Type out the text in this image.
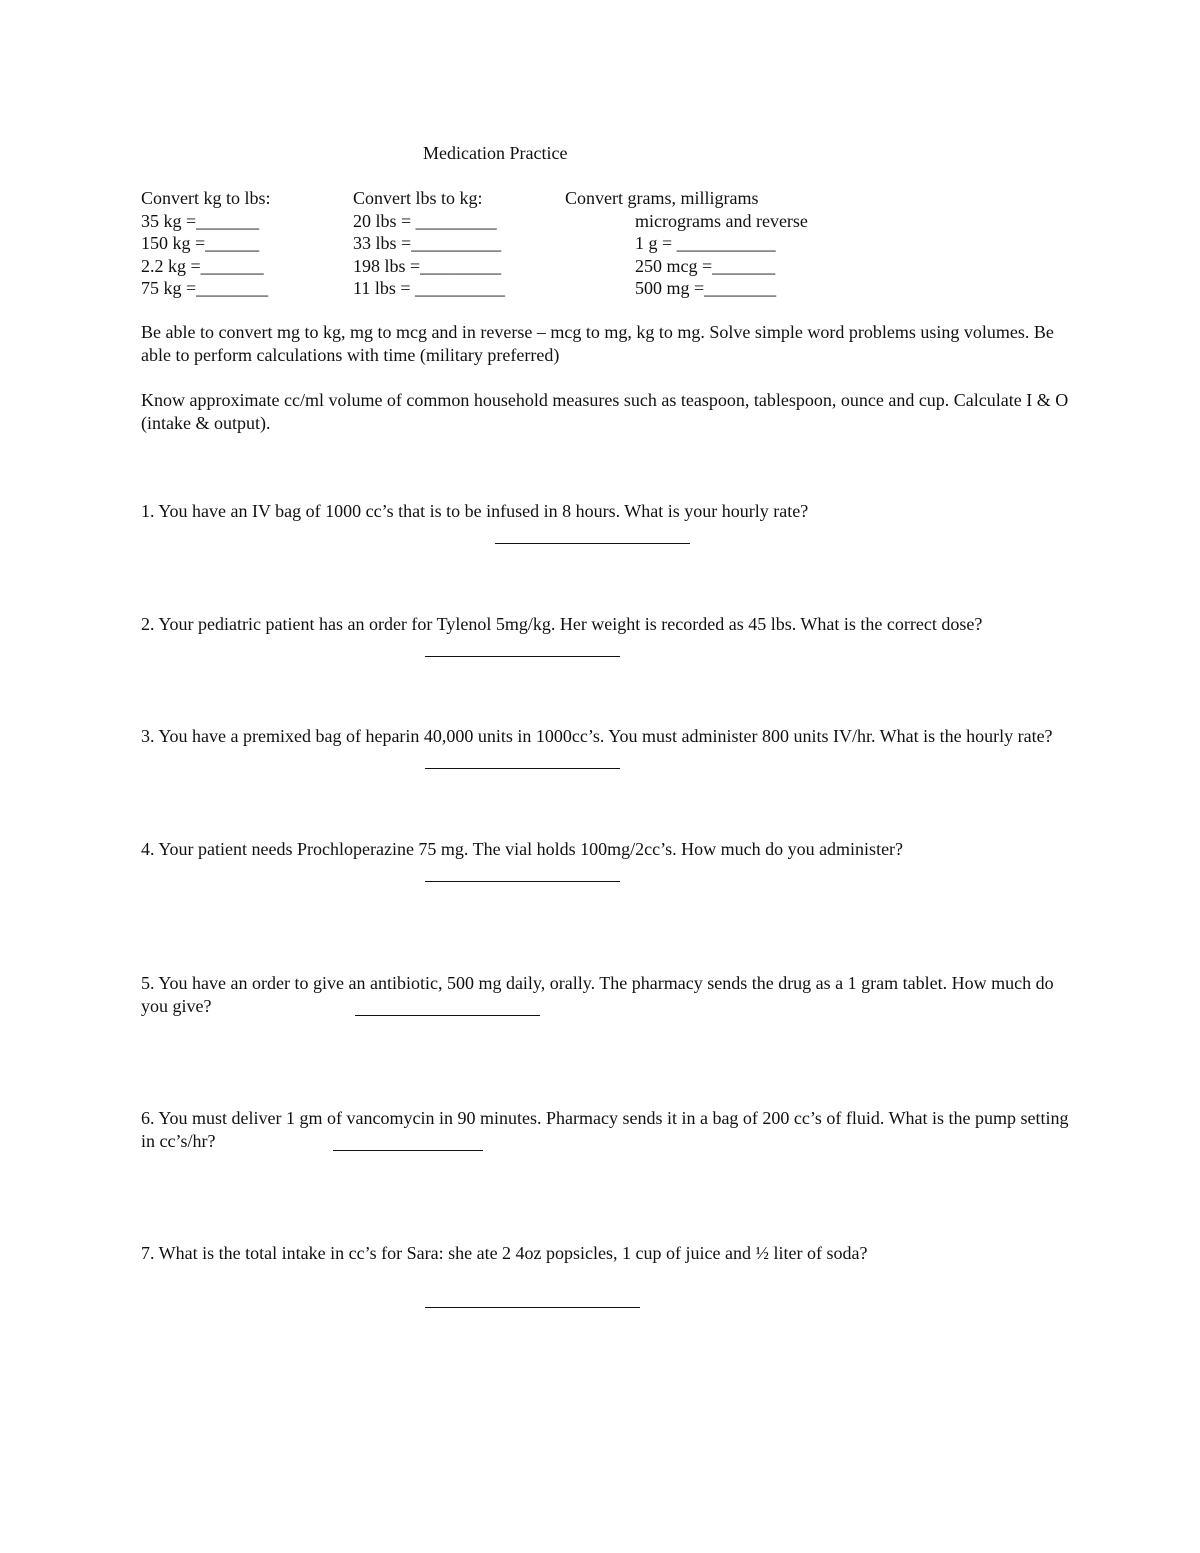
Medication Practice
Convert kg to lbs:
35 kg =_______
150 kg =______
2.2 kg =_______
75 kg =________
Convert lbs to kg:
20 lbs = _________
33 lbs =__________
198 lbs =_________
11 lbs = __________
Convert grams, milligrams
micrograms and reverse
1 g = ___________
250 mcg =_______
500 mg =________
Be able to convert mg to kg, mg to mcg and in reverse – mcg to mg, kg to mg. Solve simple word problems using volumes. Be able to perform calculations with time (military preferred)
Know approximate cc/ml volume of common household measures such as teaspoon, tablespoon, ounce and cup. Calculate I & O (intake & output).
1. You have an IV bag of 1000 cc’s that is to be infused in 8 hours. What is your hourly rate?
2. Your pediatric patient has an order for Tylenol 5mg/kg. Her weight is recorded as 45 lbs. What is the correct dose?
3. You have a premixed bag of heparin 40,000 units in 1000cc’s. You must administer 800 units IV/hr. What is the hourly rate?
4. Your patient needs Prochloperazine 75 mg. The vial holds 100mg/2cc’s. How much do you administer?
5. You have an order to give an antibiotic, 500 mg daily, orally. The pharmacy sends the drug as a 1 gram tablet. How much do you give?
6. You must deliver 1 gm of vancomycin in 90 minutes. Pharmacy sends it in a bag of 200 cc’s of fluid. What is the pump setting in cc’s/hr?
7. What is the total intake in cc’s for Sara: she ate 2 4oz popsicles, 1 cup of juice and ½ liter of soda?
